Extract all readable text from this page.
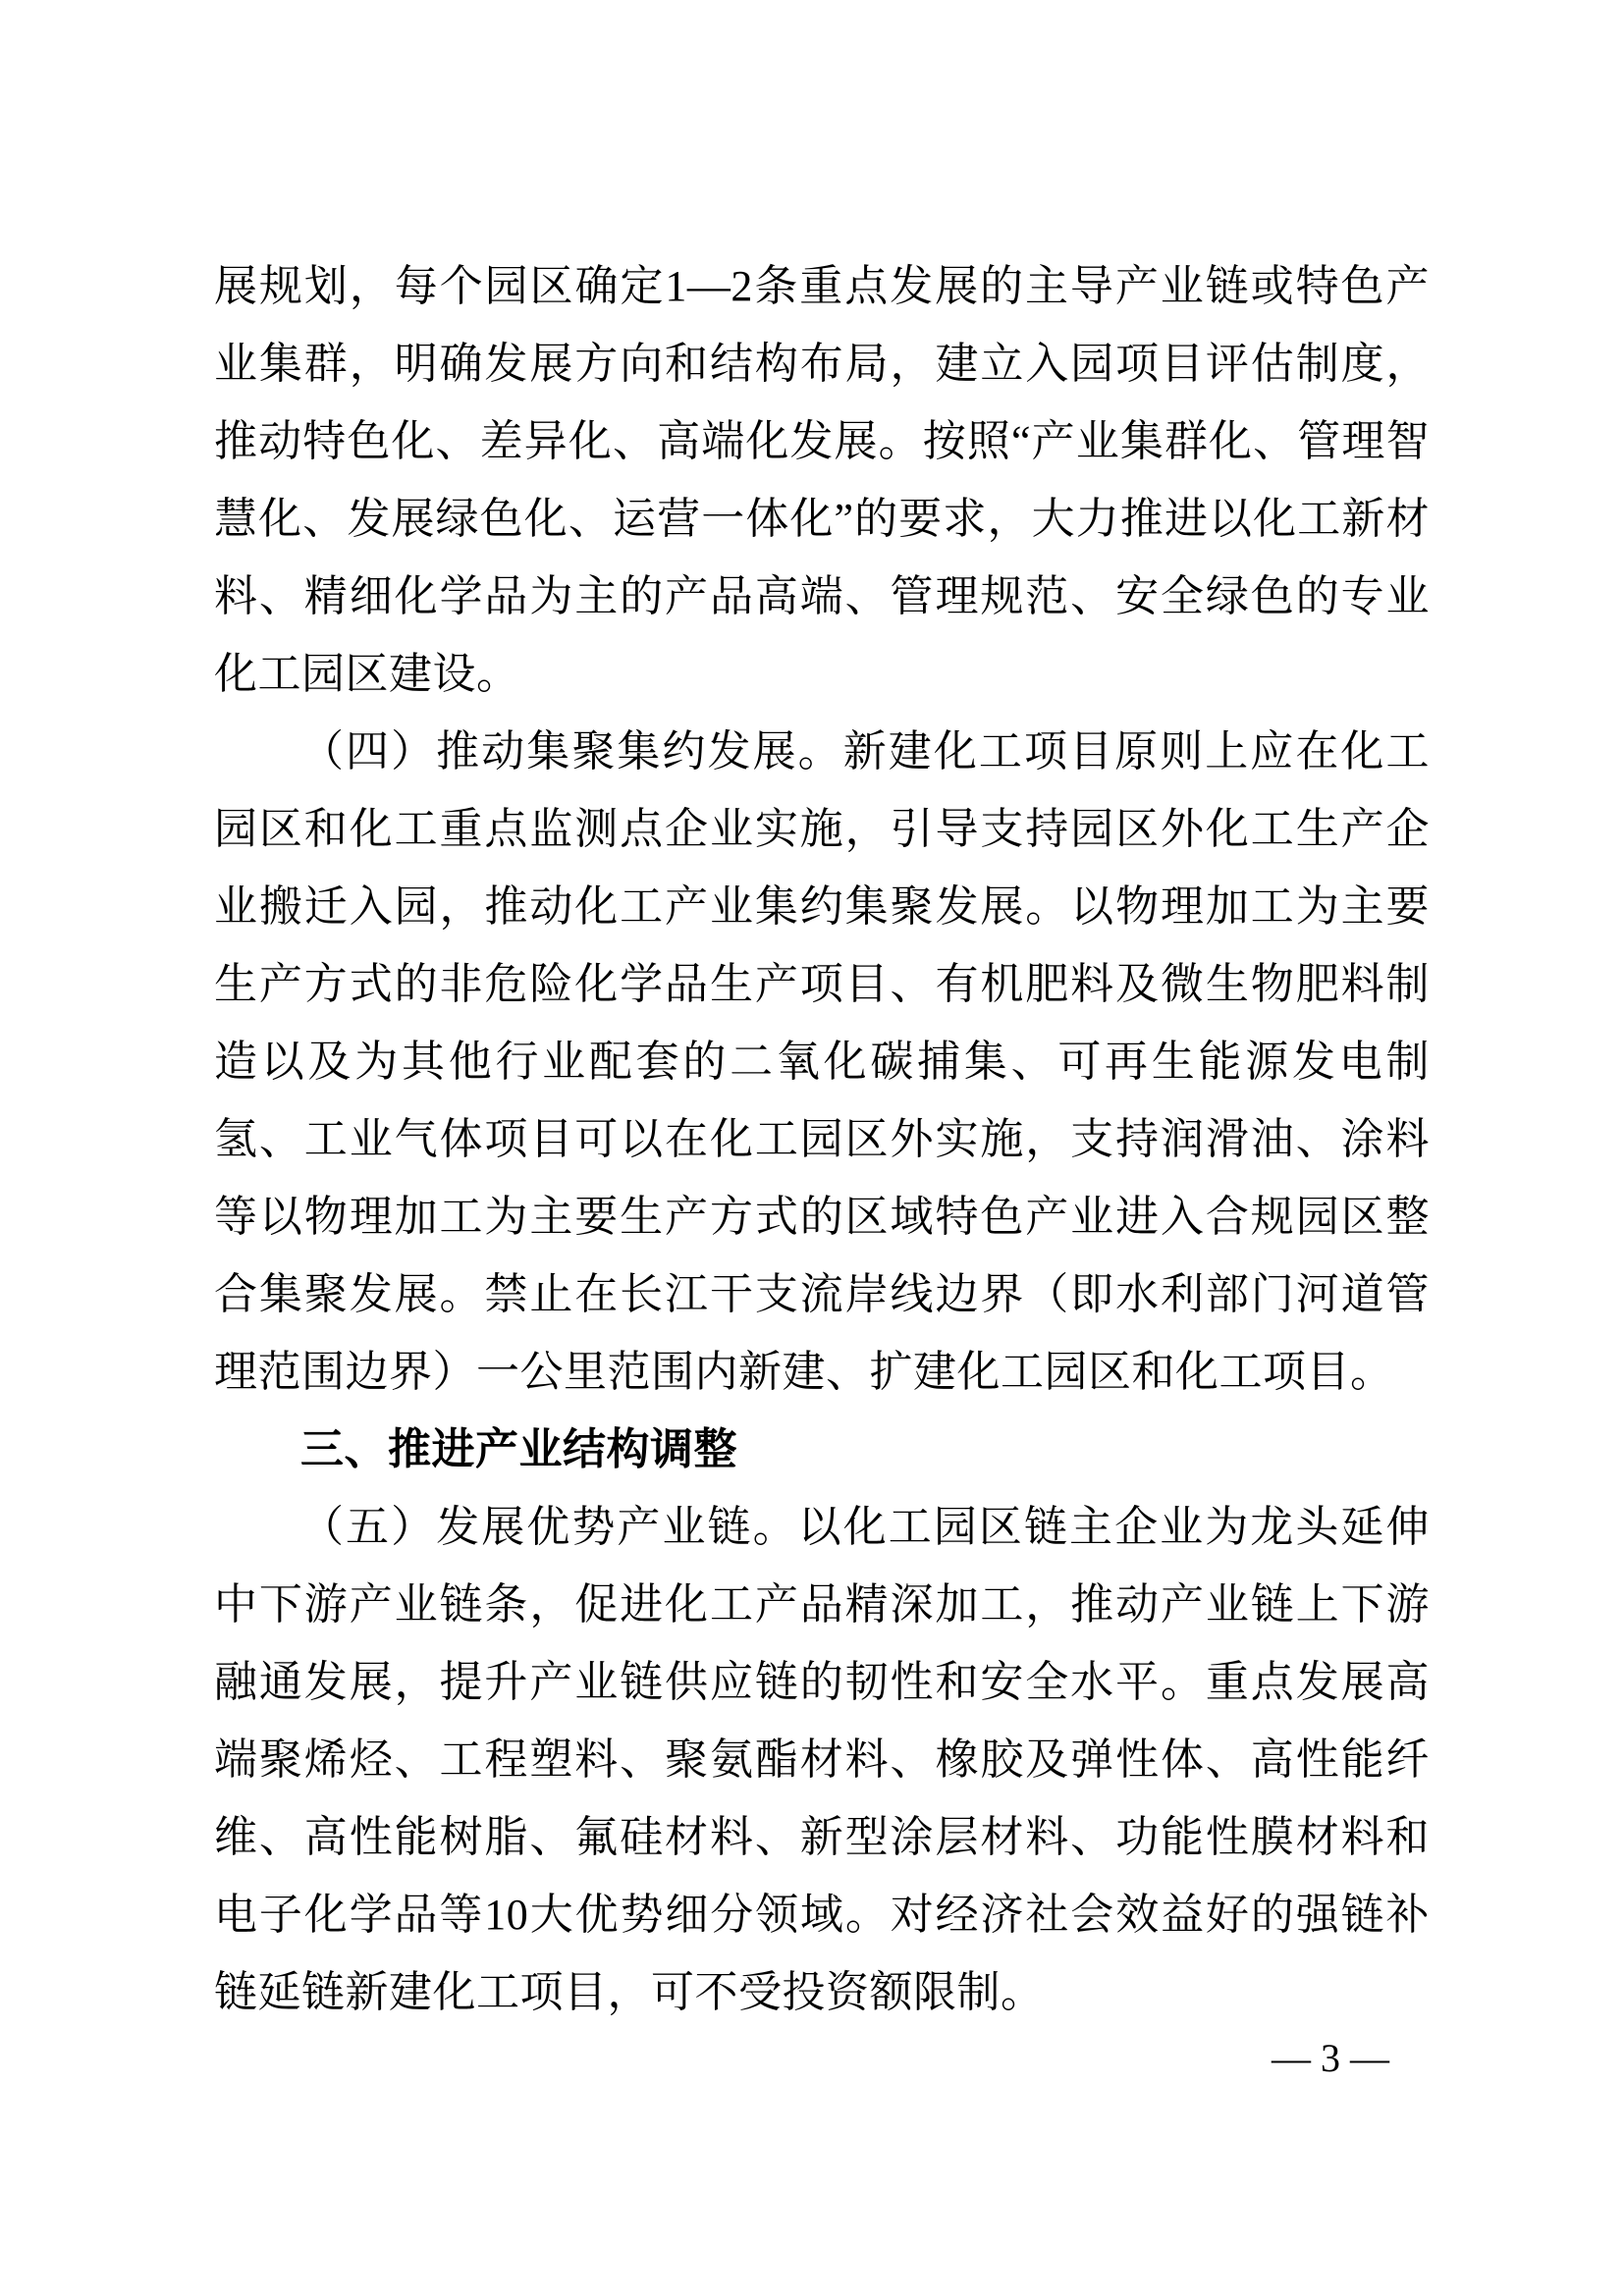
展规划，每个园区确定1—2条重点发展的主导产业链或特色产业集群，明确发展方向和结构布局，建立入园项目评估制度，推动特色化、差异化、高端化发展。按照“产业集群化、管理智慧化、发展绿色化、运营一体化”的要求，大力推进以化工新材料、精细化学品为主的产品高端、管理规范、安全绿色的专业化工园区建设。

（四）推动集聚集约发展。新建化工项目原则上应在化工园区和化工重点监测点企业实施，引导支持园区外化工生产企业搬迁入园，推动化工产业集约集聚发展。以物理加工为主要生产方式的非危险化学品生产项目、有机肥料及微生物肥料制造以及为其他行业配套的二氧化碳捕集、可再生能源发电制氢、工业气体项目可以在化工园区外实施，支持润滑油、涂料等以物理加工为主要生产方式的区域特色产业进入合规园区整合集聚发展。禁止在长江干支流岸线边界（即水利部门河道管理范围边界）一公里范围内新建、扩建化工园区和化工项目。

三、推进产业结构调整

（五）发展优势产业链。以化工园区链主企业为龙头延伸中下游产业链条，促进化工产品精深加工，推动产业链上下游融通发展，提升产业链供应链的韧性和安全水平。重点发展高端聚烯烃、工程塑料、聚氨酯材料、橡胶及弹性体、高性能纤维、高性能树脂、氟硅材料、新型涂层材料、功能性膜材料和电子化学品等10大优势细分领域。对经济社会效益好的强链补链延链新建化工项目，可不受投资额限制。

— 3 —
